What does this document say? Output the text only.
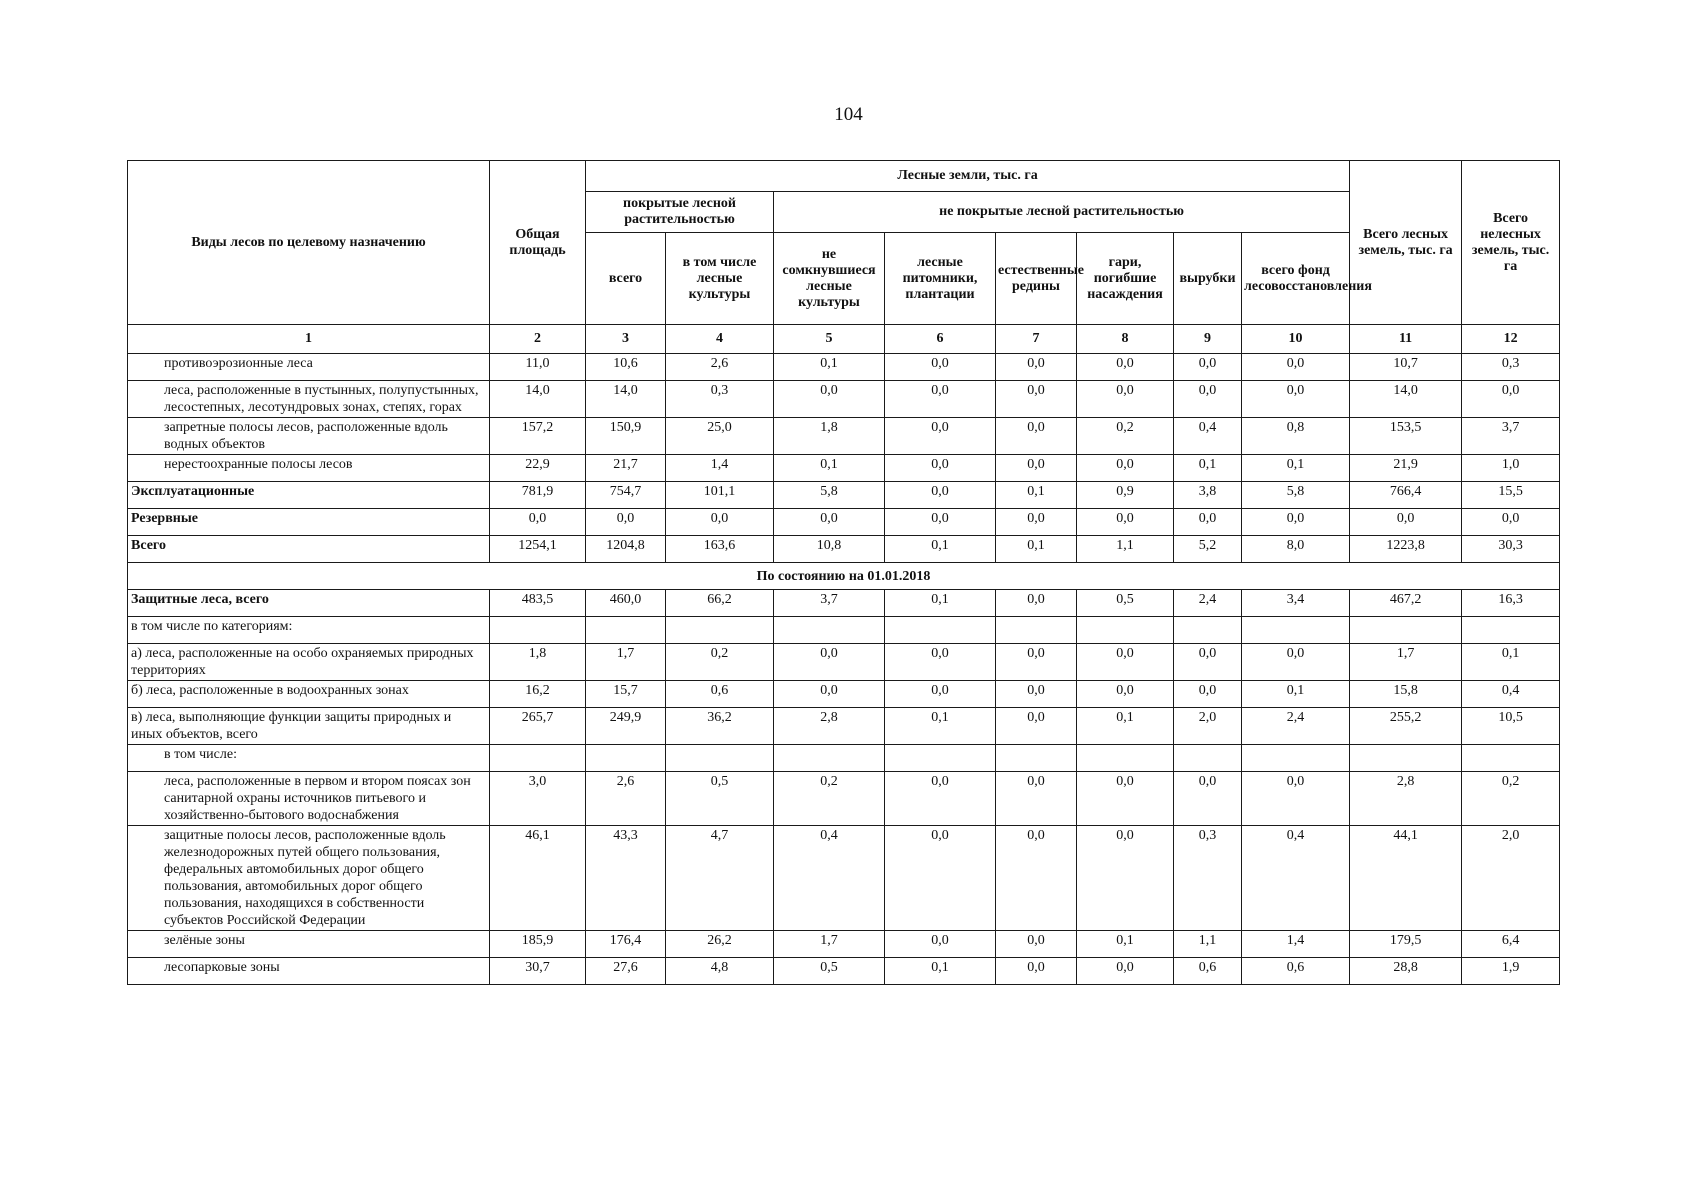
104
Виды лесов по целевому назначению	Общая площадь	Лесные земли, тыс. га								Всего лесных земель, тыс. га	Всего нелесных земель, тыс. га
		покрытые лесной растительностью		не покрытые лесной растительностью							
		всего	в том числе лесные культуры	не сомкнувшиеся лесные культуры	лесные питомники, плантации	естественные редины	гари, погибшие насаждения	вырубки	всего фонд лесовосстановления		
1	2	3	4	5	6	7	8	9	10	11	12
противоэрозионные леса	11,0	10,6	2,6	0,1	0,0	0,0	0,0	0,0	0,0	10,7	0,3
леса, расположенные в пустынных, полупустынных, лесостепных, лесотундровых зонах, степях, горах	14,0	14,0	0,3	0,0	0,0	0,0	0,0	0,0	0,0	14,0	0,0
запретные полосы лесов, расположенные вдоль водных объектов	157,2	150,9	25,0	1,8	0,0	0,0	0,2	0,4	0,8	153,5	3,7
нерестоохранные полосы лесов	22,9	21,7	1,4	0,1	0,0	0,0	0,0	0,1	0,1	21,9	1,0
Эксплуатационные	781,9	754,7	101,1	5,8	0,0	0,1	0,9	3,8	5,8	766,4	15,5
Резервные	0,0	0,0	0,0	0,0	0,0	0,0	0,0	0,0	0,0	0,0	0,0
Всего	1254,1	1204,8	163,6	10,8	0,1	0,1	1,1	5,2	8,0	1223,8	30,3
По состоянию на 01.01.2018											
Защитные леса, всего	483,5	460,0	66,2	3,7	0,1	0,0	0,5	2,4	3,4	467,2	16,3
в том числе по категориям:											
а) леса, расположенные на особо охраняемых природных территориях	1,8	1,7	0,2	0,0	0,0	0,0	0,0	0,0	0,0	1,7	0,1
б) леса, расположенные в водоохранных зонах	16,2	15,7	0,6	0,0	0,0	0,0	0,0	0,0	0,1	15,8	0,4
в) леса, выполняющие функции защиты природных и иных объектов, всего	265,7	249,9	36,2	2,8	0,1	0,0	0,1	2,0	2,4	255,2	10,5
в том числе:											
леса, расположенные в первом и втором поясах зон санитарной охраны источников питьевого и хозяйственно-бытового водоснабжения	3,0	2,6	0,5	0,2	0,0	0,0	0,0	0,0	0,0	2,8	0,2
защитные полосы лесов, расположенные вдоль железнодорожных путей общего пользования, федеральных автомобильных дорог общего пользования, автомобильных дорог общего пользования, находящихся в собственности субъектов Российской Федерации	46,1	43,3	4,7	0,4	0,0	0,0	0,0	0,3	0,4	44,1	2,0
зелёные зоны	185,9	176,4	26,2	1,7	0,0	0,0	0,1	1,1	1,4	179,5	6,4
лесопарковые зоны	30,7	27,6	4,8	0,5	0,1	0,0	0,0	0,6	0,6	28,8	1,9
